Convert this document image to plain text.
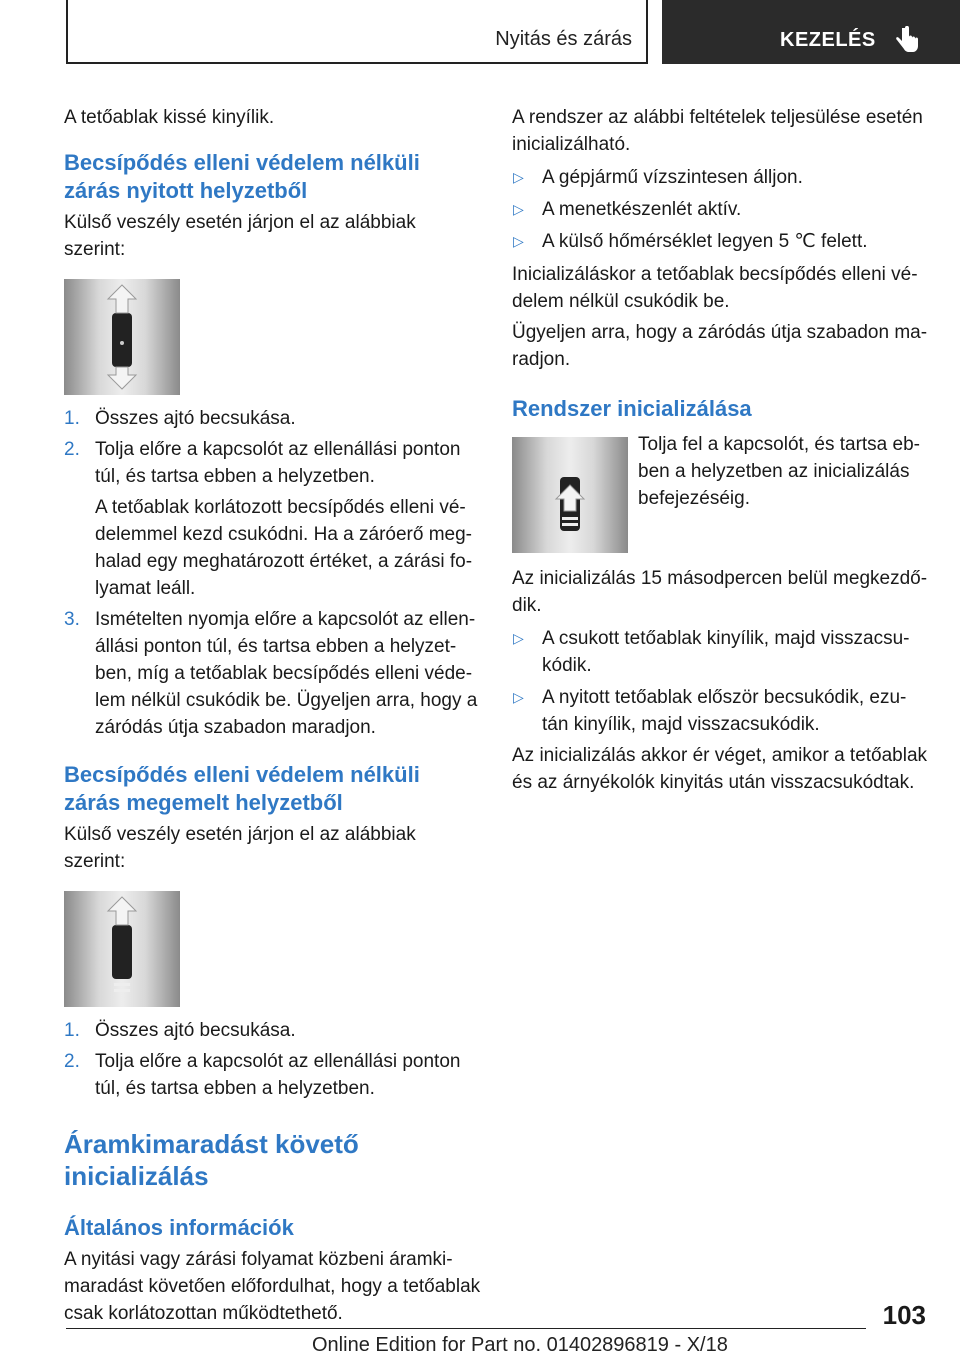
Nyitás és zárás	KEZELÉS

A tetőablak kissé kinyílik.

Becsípődés elleni védelem nélküli
zárás nyitott helyzetből

Külső veszély esetén járjon el az alábbiak szerint:

1. Összes ajtó becsukása.
2. Tolja előre a kapcsolót az ellenállási ponton
túl, és tartsa ebben a helyzetben.
A tetőablak korlátozott becsípődés elleni vé-
delemmel kezd csukódni. Ha a záróerő meg-
halad egy meghatározott értéket, a zárási fo-
lyamat leáll.
3. Ismételten nyomja előre a kapcsolót az ellen-
állási ponton túl, és tartsa ebben a helyzet-
ben, míg a tetőablak becsípődés elleni véde-
lem nélkül csukódik be. Ügyeljen arra, hogy a
záródás útja szabadon maradjon.
Becsípődés elleni védelem nélküli
zárás megemelt helyzetből

Külső veszély esetén járjon el az alábbiak szerint:

1. Összes ajtó becsukása.
2. Tolja előre a kapcsolót az ellenállási ponton
túl, és tartsa ebben a helyzetben.
Áramkimaradást követő
inicializálás
Általános információk

A nyitási vagy zárási folyamat közbeni áramki-
maradást követően előfordulhat, hogy a tetőablak
csak korlátozottan működtethető.

A rendszer az alábbi feltételek teljesülése esetén
inicializálható.

▷ A gépjármű vízszintesen álljon.
▷ A menetkészenlét aktív.
▷ A külső hőmérséklet legyen 5 ℃ felett.

Inicializáláskor a tetőablak becsípődés elleni vé-
delem nélkül csukódik be.

Ügyeljen arra, hogy a záródás útja szabadon ma-
radjon.

Rendszer inicializálása

Tolja fel a kapcsolót, és tartsa eb-
ben a helyzetben az inicializálás
befejezéséig.

Az inicializálás 15 másodpercen belül megkezdő-
dik.

▷ A csukott tetőablak kinyílik, majd visszacsu-
kódik.
▷ A nyitott tetőablak először becsukódik, ezu-
tán kinyílik, majd visszacsukódik.

Az inicializálás akkor ér véget, amikor a tetőablak
és az árnyékolók kinyitás után visszacsukódtak.

103
Online Edition for Part no. 01402896819 - X/18
